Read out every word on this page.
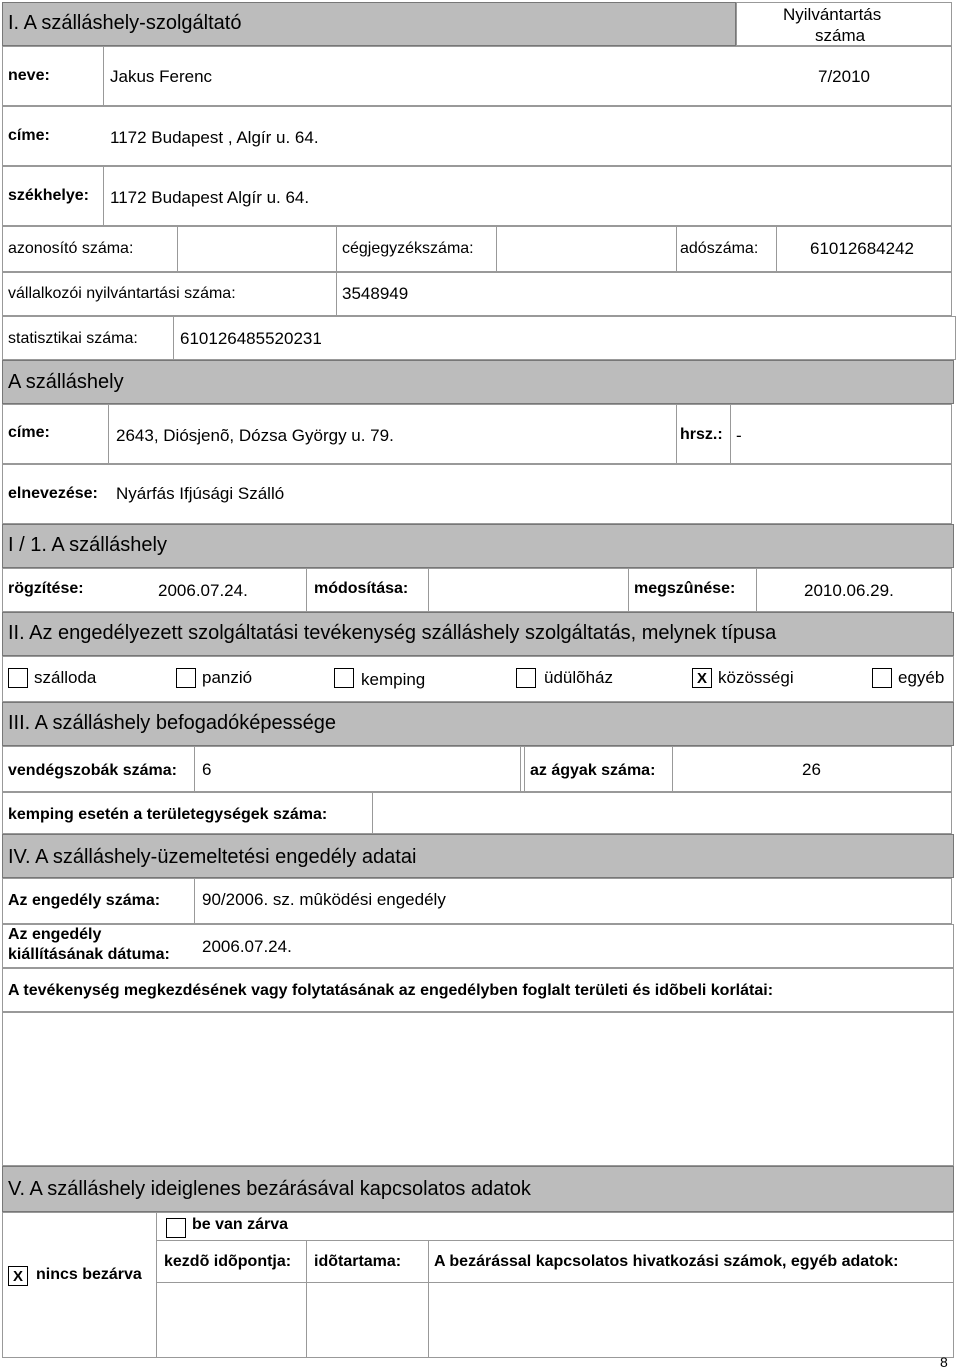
I. A szálláshely-szolgáltató	Nyilvántartás
száma
neve:	Jakus Ferenc	7/2010
címe:	1172 Budapest , Algír u. 64.
székhelye: 1172 Budapest Algír u. 64.
azonosító száma:	cégjegyzékszáma:	adószáma:	61012684242
vállalkozói nyilvántartási száma:	3548949
statisztikai száma: 610126485520231
A szálláshely
címe:	2643, Diósjenõ, Dózsa György u. 79.	hrsz.: -
elnevezése: Nyárfás Ifjúsági Szálló
I / 1. A szálláshely
rögzítése:	2006.07.24.	módosítása:	megszûnése:	2010.06.29.
II. Az engedélyezett szolgáltatási tevékenység szálláshely szolgáltatás, melynek típusa
szálloda	panzió	kemping	üdülõház	X közösségi	egyéb
III. A szálláshely befogadóképessége
vendégszobák száma: 6	az ágyak száma:	26
kemping esetén a területegységek száma:
IV. A szálláshely-üzemeltetési engedély adatai
Az engedély száma: 90/2006. sz. mûködési engedély
Az engedély
kiállításának dátuma: 2006.07.24.
A tevékenység megkezdésének vagy folytatásának az engedélyben foglalt területi és idõbeli korlátai:
V. A szálláshely ideiglenes bezárásával kapcsolatos adatok
be van zárva
X nincs bezárva
kezdõ idõpontja: idõtartama: A bezárással kapcsolatos hivatkozási számok, egyéb adatok:
8
